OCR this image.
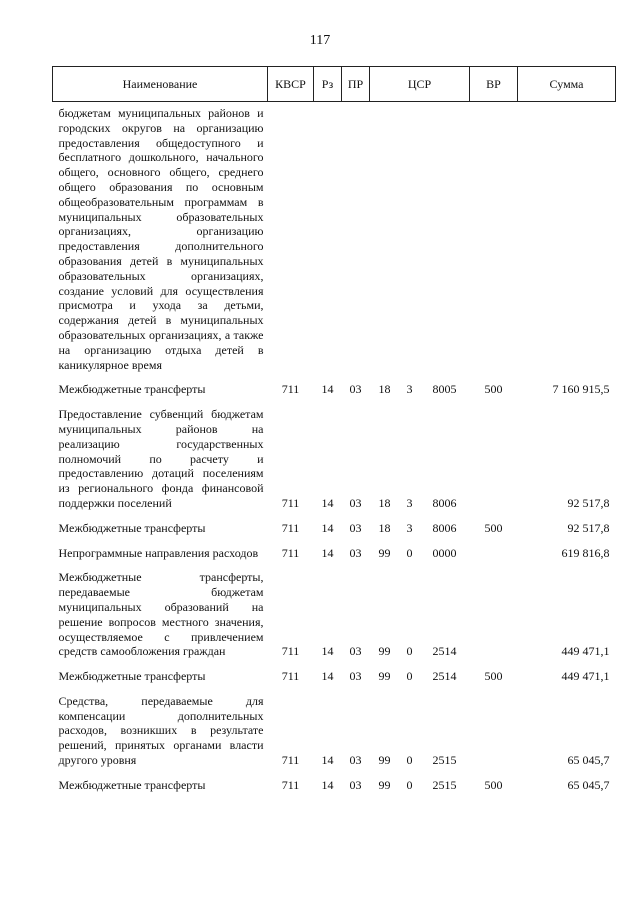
117
Наименование	КВСР	Рз	ПР	ЦСР			ВР	Сумма
бюджетам муниципальных районов и городских округов на организацию предоставления общедоступного и бесплатного дошкольного, начального общего, основного общего, среднего общего образования по основным общеобразовательным программам в муниципальных образовательных организациях, организацию предоставления дополнительного образования детей в муниципальных образовательных организациях, создание условий для осуществления присмотра и ухода за детьми, содержания детей в муниципальных образовательных организациях, а также на организацию отдыха детей в каникулярное время								

Межбюджетные трансферты	711	14	03	18	3	8005	500	7 160 915,5

Предоставление субвенций бюджетам муниципальных районов на реализацию государственных полномочий по расчету и предоставлению дотаций поселениям из регионального фонда финансовой поддержки поселений	711	14	03	18	3	8006		92 517,8

Межбюджетные трансферты	711	14	03	18	3	8006	500	92 517,8

Непрограммные направления расходов	711	14	03	99	0	0000		619 816,8

Межбюджетные трансферты, передаваемые бюджетам муниципальных образований на решение вопросов местного значения, осуществляемое с привлечением средств самообложения граждан	711	14	03	99	0	2514		449 471,1

Межбюджетные трансферты	711	14	03	99	0	2514	500	449 471,1

Средства, передаваемые для компенсации дополнительных расходов, возникших в результате решений, принятых органами власти другого уровня	711	14	03	99	0	2515		65 045,7

Межбюджетные трансферты	711	14	03	99	0	2515	500	65 045,7
